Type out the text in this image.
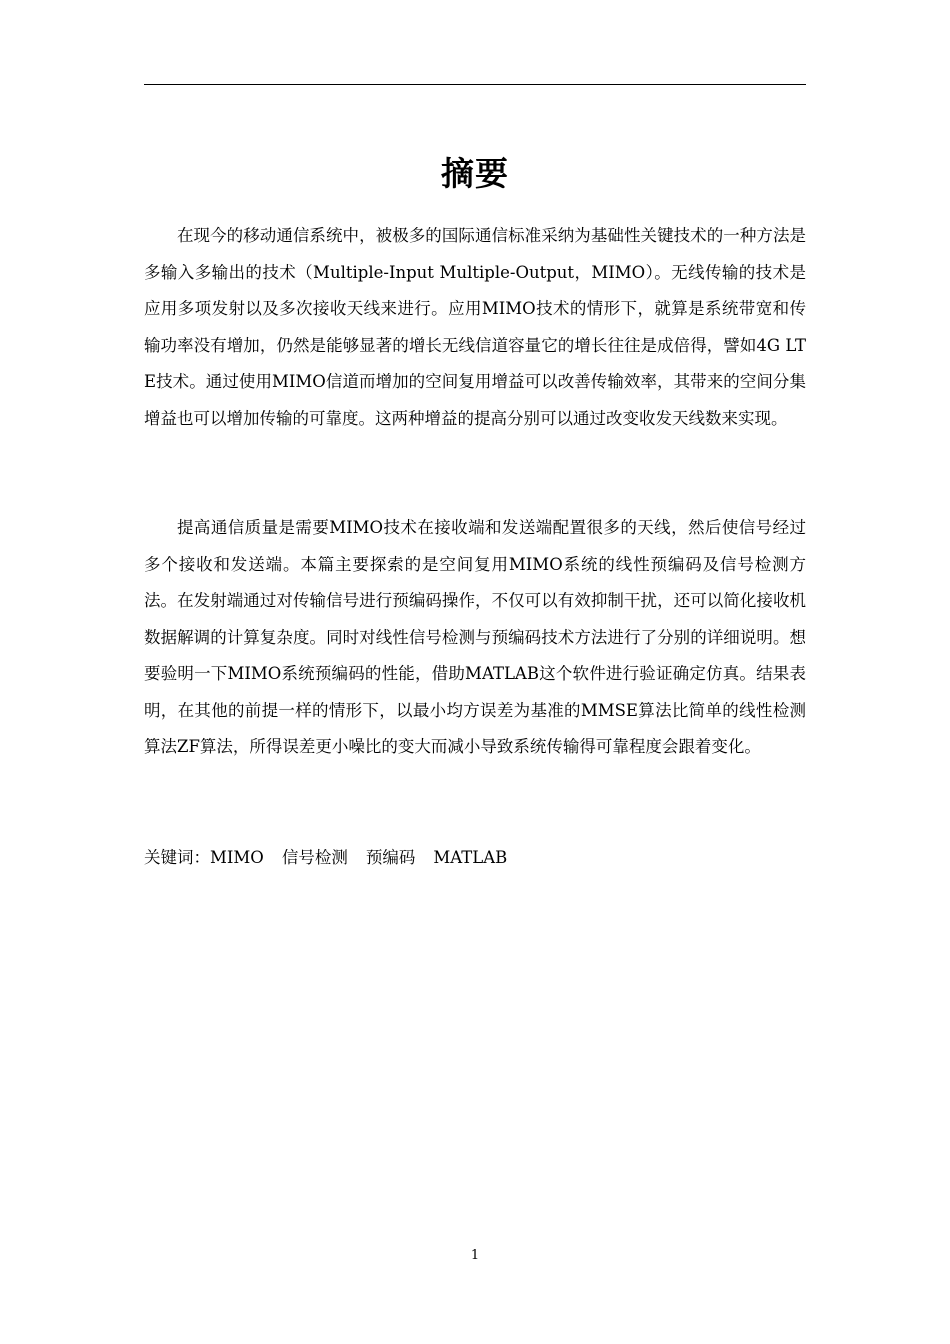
摘要

在现今的移动通信系统中，被极多的国际通信标准采纳为基础性关键技术的一种方法是多输入多输出的技术（Multiple-Input Multiple-Output，MIMO）。无线传输的技术是应用多项发射以及多次接收天线来进行。应用MIMO技术的情形下，就算是系统带宽和传输功率没有增加，仍然是能够显著的增长无线信道容量它的增长往往是成倍得，譬如4G LTE技术。通过使用MIMO信道而增加的空间复用增益可以改善传输效率，其带来的空间分集增益也可以增加传输的可靠度。这两种增益的提高分别可以通过改变收发天线数来实现。

提高通信质量是需要MIMO技术在接收端和发送端配置很多的天线，然后使信号经过多个接收和发送端。本篇主要探索的是空间复用MIMO系统的线性预编码及信号检测方法。在发射端通过对传输信号进行预编码操作，不仅可以有效抑制干扰，还可以简化接收机数据解调的计算复杂度。同时对线性信号检测与预编码技术方法进行了分别的详细说明。想要验明一下MIMO系统预编码的性能，借助MATLAB这个软件进行验证确定仿真。结果表明，在其他的前提一样的情形下，以最小均方误差为基准的MMSE算法比简单的线性检测算法ZF算法，所得误差更小噪比的变大而减小导致系统传输得可靠程度会跟着变化。

关键词：MIMO 信号检测 预编码 MATLAB
1
